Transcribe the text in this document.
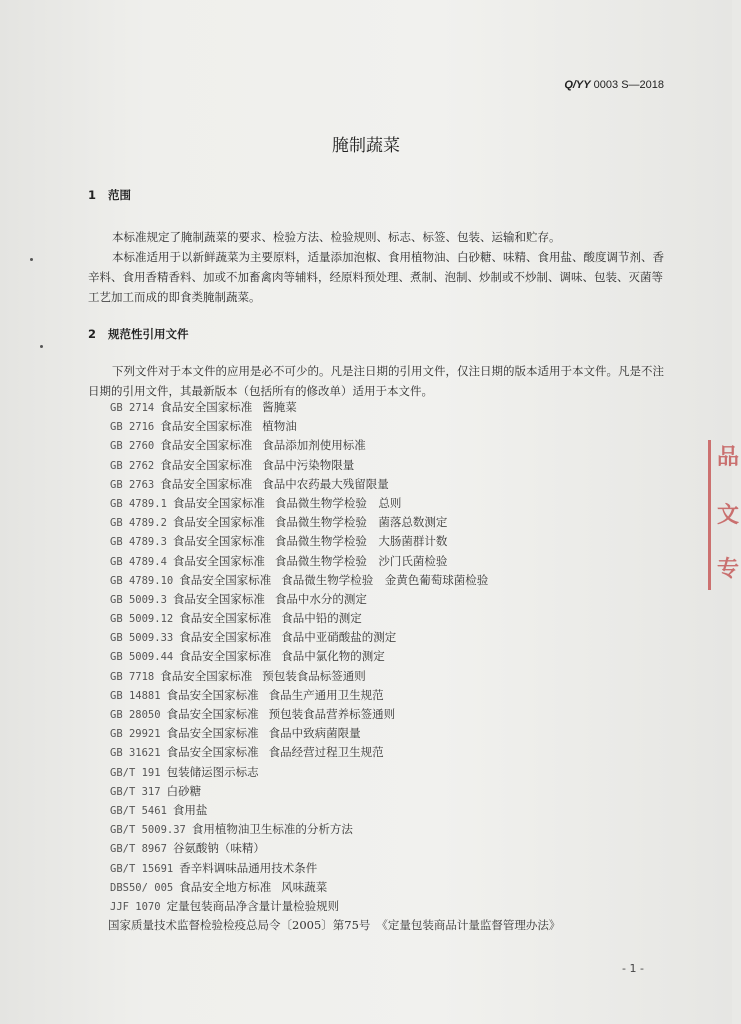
Q/YY 0003 S—2018
腌制蔬菜
1 范围

本标准规定了腌制蔬菜的要求、检验方法、检验规则、标志、标签、包装、运输和贮存。

本标准适用于以新鲜蔬菜为主要原料，适量添加泡椒、食用植物油、白砂糖、味精、食用盐、酸度调节剂、香辛料、食用香精香料、加或不加畜禽肉等辅料，经原料预处理、煮制、泡制、炒制或不炒制、调味、包装、灭菌等工艺加工而成的即食类腌制蔬菜。

2 规范性引用文件

下列文件对于本文件的应用是必不可少的。凡是注日期的引用文件，仅注日期的版本适用于本文件。凡是不注日期的引用文件，其最新版本（包括所有的修改单）适用于本文件。

GB 2714 食品安全国家标准 酱腌菜
GB 2716 食品安全国家标准 植物油
GB 2760 食品安全国家标准 食品添加剂使用标准
GB 2762 食品安全国家标准 食品中污染物限量
GB 2763 食品安全国家标准 食品中农药最大残留限量
GB 4789.1 食品安全国家标准 食品微生物学检验　总则
GB 4789.2 食品安全国家标准 食品微生物学检验　菌落总数测定
GB 4789.3 食品安全国家标准 食品微生物学检验　大肠菌群计数
GB 4789.4 食品安全国家标准 食品微生物学检验　沙门氏菌检验
GB 4789.10 食品安全国家标准 食品微生物学检验　金黄色葡萄球菌检验
GB 5009.3 食品安全国家标准 食品中水分的测定
GB 5009.12 食品安全国家标准 食品中铅的测定
GB 5009.33 食品安全国家标准 食品中亚硝酸盐的测定
GB 5009.44 食品安全国家标准 食品中氯化物的测定
GB 7718 食品安全国家标准 预包装食品标签通则
GB 14881 食品安全国家标准 食品生产通用卫生规范
GB 28050 食品安全国家标准 预包装食品营养标签通则
GB 29921 食品安全国家标准 食品中致病菌限量
GB 31621 食品安全国家标准 食品经营过程卫生规范
GB/T 191 包装储运图示标志
GB/T 317 白砂糖
GB/T 5461 食用盐
GB/T 5009.37 食用植物油卫生标准的分析方法
GB/T 8967 谷氨酸钠（味精）
GB/T 15691 香辛料调味品通用技术条件
DBS50/ 005 食品安全地方标准 风味蔬菜
JJF 1070 定量包装商品净含量计量检验规则
国家质量技术监督检验检疫总局令〔2005〕第75号 《定量包装商品计量监督管理办法》
- 1 -
品
文
专
